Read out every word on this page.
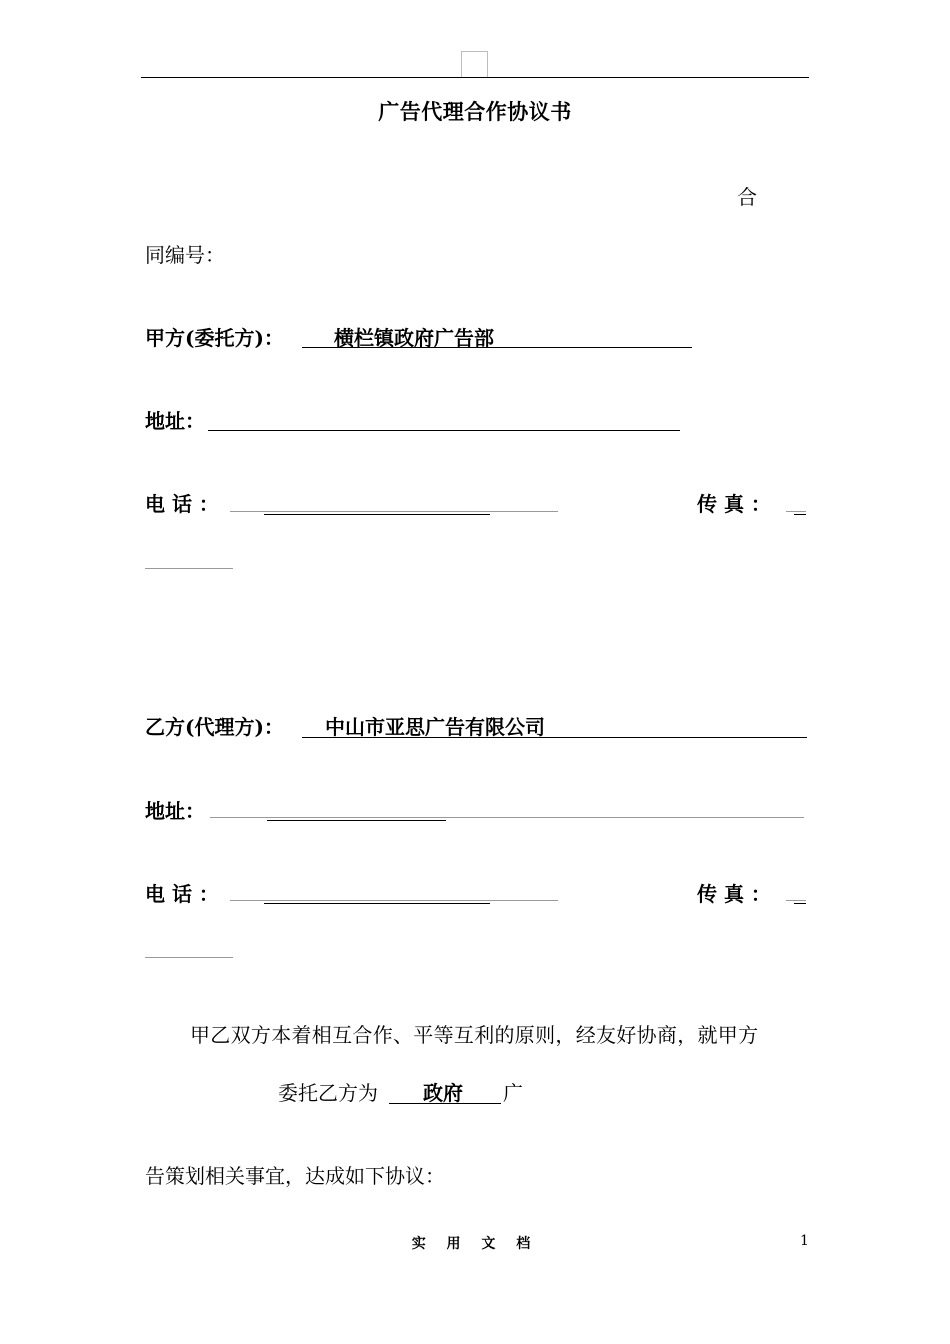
广告代理合作协议书
合
同编号：
甲方(委托方)：	横栏镇政府广告部
地址：
电 话 ：	传 真 ：
乙方(代理方)： 中山市亚思广告有限公司
地址：
电 话 ：	传 真 ：
甲乙双方本着相互合作、平等互利的原则，经友好协商，就甲方
委托乙方为 政府 广
告策划相关事宜，达成如下协议：
实 用 文 档	1
